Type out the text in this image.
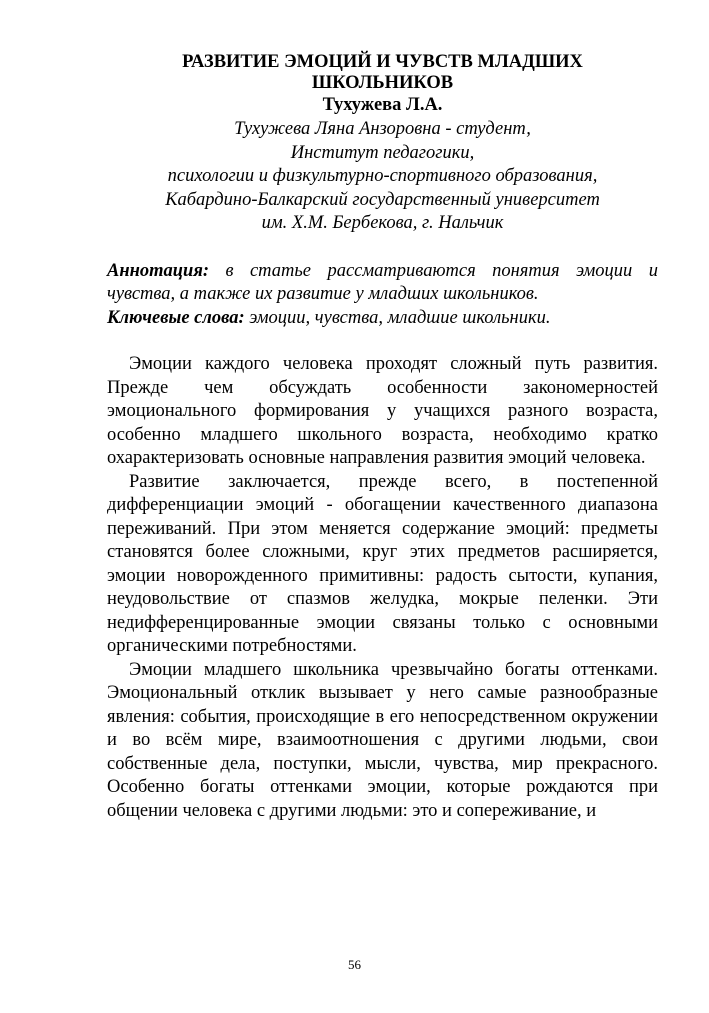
РАЗВИТИЕ ЭМОЦИЙ И ЧУВСТВ МЛАДШИХ

ШКОЛЬНИКОВ

Тухужева Л.А.

Тухужева Ляна Анзоровна - студент,

Институт педагогики,

психологии и физкультурно-спортивного образования,

Кабардино-Балкарский государственный университет

им. Х.М. Бербекова, г. Нальчик

Аннотация: в статье рассматриваются понятия эмоции и чувства, а также их развитие у младших школьников.

Ключевые слова: эмоции, чувства, младшие школьники.

Эмоции каждого человека проходят сложный путь развития. Прежде чем обсуждать особенности закономерностей эмоционального формирования у учащихся разного возраста, особенно младшего школьного возраста, необходимо кратко охарактеризовать основные направления развития эмоций человека.

Развитие заключается, прежде всего, в постепенной дифференциации эмоций - обогащении качественного диапазона переживаний. При этом меняется содержание эмоций: предметы становятся более сложными, круг этих предметов расширяется, эмоции новорожденного примитивны: радость сытости, купания, неудовольствие от спазмов желудка, мокрые пеленки. Эти недифференцированные эмоции связаны только с основными органическими потребностями.

Эмоции младшего школьника чрезвычайно богаты оттенками. Эмоциональный отклик вызывает у него самые разнообразные явления: события, происходящие в его непосредственном окружении и во всём мире, взаимоотношения с другими людьми, свои собственные дела, поступки, мысли, чувства, мир прекрасного. Особенно богаты оттенками эмоции, которые рождаются при общении человека с другими людьми: это и сопереживание, и

56
